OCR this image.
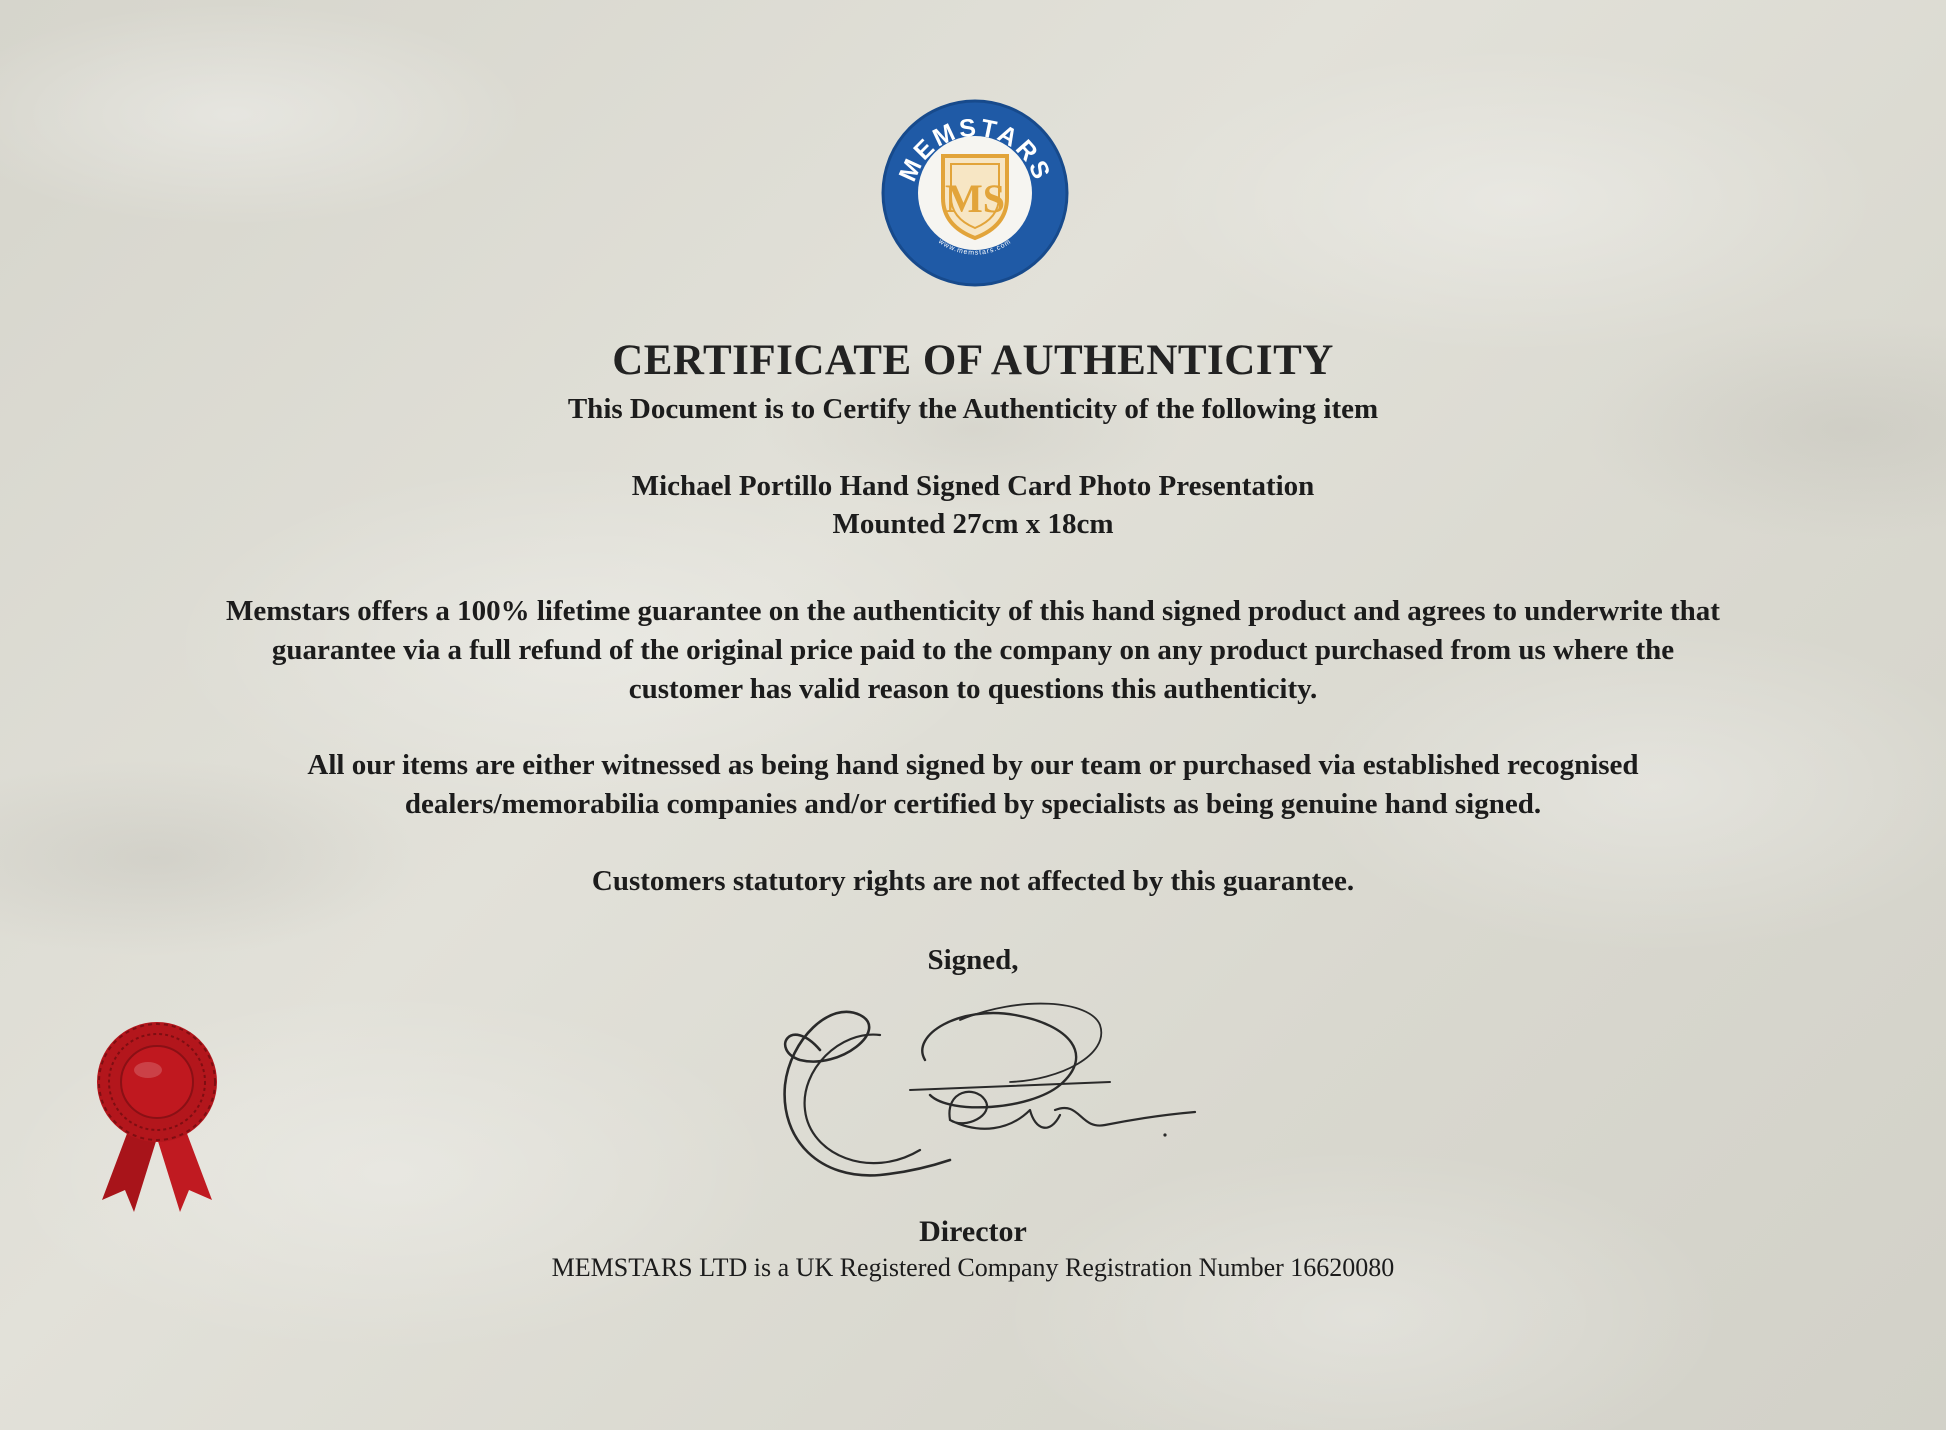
MEMSTARS
www.memstars.com
MS
CERTIFICATE OF AUTHENTICITY
This Document is to Certify the Authenticity of the following item
Michael Portillo Hand Signed Card Photo Presentation
Mounted 27cm x 18cm
Memstars offers a 100% lifetime guarantee on the authenticity of this hand signed product and agrees to underwrite that
guarantee via a full refund of the original price paid to the company on any product purchased from us where the
customer has valid reason to questions this authenticity.
All our items are either witnessed as being hand signed by our team or purchased via established recognised
dealers/memorabilia companies and/or certified by specialists as being genuine hand signed.
Customers statutory rights are not affected by this guarantee.
Signed,
Director
MEMSTARS LTD is a UK Registered Company Registration Number 16620080
